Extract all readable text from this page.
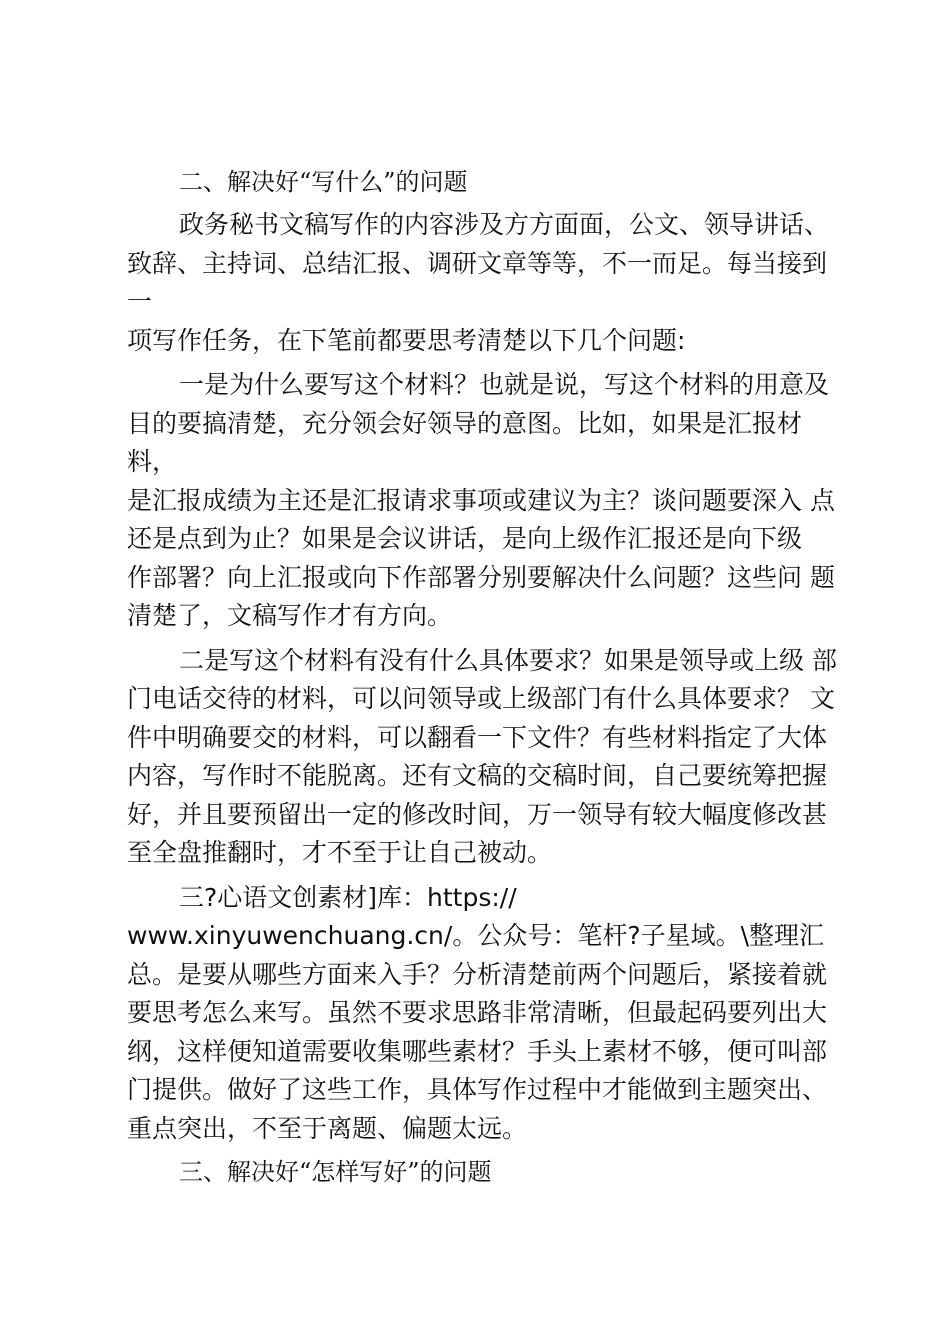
二、解决好“写什么”的问题
政务秘书文稿写作的内容涉及方方面面，公文、领导讲话、
致辞、主持词、总结汇报、调研文章等等，不一而足。每当接到一
项写作任务，在下笔前都要思考清楚以下几个问题:
一是为什么要写这个材料？也就是说，写这个材料的用意及
目的要搞清楚，充分领会好领导的意图。比如，如果是汇报材料，
是汇报成绩为主还是汇报请求事项或建议为主？谈问题要深入 点
还是点到为止？如果是会议讲话，是向上级作汇报还是向下级
作部署？向上汇报或向下作部署分别要解决什么问题？这些问 题
清楚了，文稿写作才有方向。
二是写这个材料有没有什么具体要求？如果是领导或上级 部
门电话交待的材料，可以问领导或上级部门有什么具体要求？ 文
件中明确要交的材料，可以翻看一下文件？有些材料指定了大体
内容，写作时不能脱离。还有文稿的交稿时间，自己要统筹把握
好，并且要预留出一定的修改时间，万一领导有较大幅度修改甚
至全盘推翻时，才不至于让自己被动。
三?心语文创素材]库：https://
www.xinyuwenchuang.cn/。公众号：笔杆?子星域。\整理汇
总。是要从哪些方面来入手？分析清楚前两个问题后，紧接着就
要思考怎么来写。虽然不要求思路非常清晰，但最起码要列出大
纲，这样便知道需要收集哪些素材？手头上素材不够，便可叫部
门提供。做好了这些工作，具体写作过程中才能做到主题突出、
重点突出，不至于离题、偏题太远。
三、解决好“怎样写好”的问题
